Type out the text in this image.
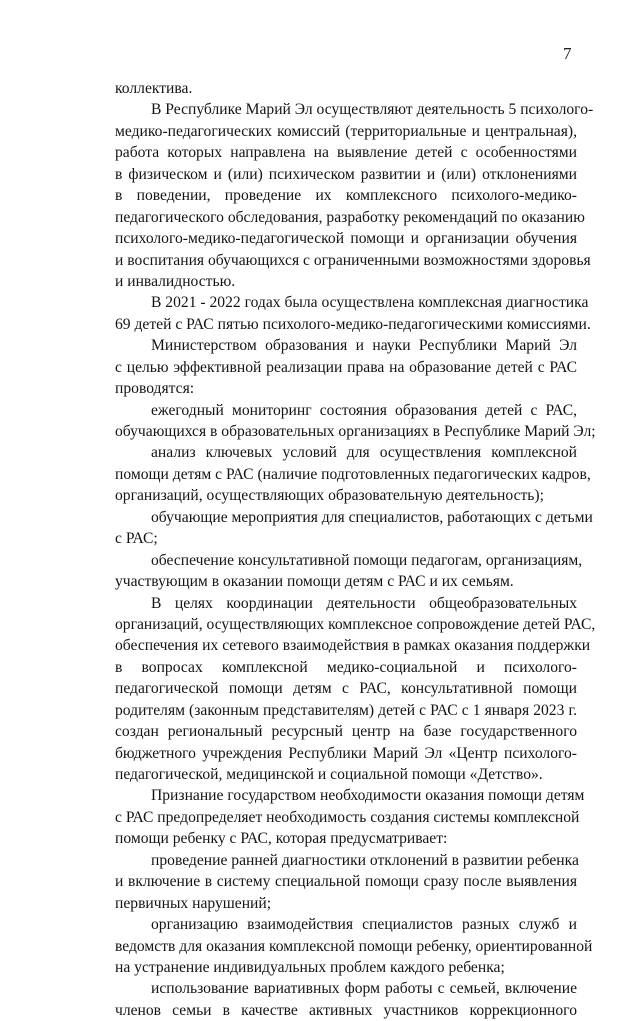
7
коллектива.
В Республике Марий Эл осуществляют деятельность 5 психолого-
медико-педагогических комиссий (территориальные и центральная),
работа которых направлена на выявление детей с особенностями
в физическом и (или) психическом развитии и (или) отклонениями
в поведении, проведение их комплексного психолого-медико-
педагогического обследования, разработку рекомендаций по оказанию
психолого-медико-педагогической помощи и организации обучения
и воспитания обучающихся с ограниченными возможностями здоровья
и инвалидностью.
В 2021 - 2022 годах была осуществлена комплексная диагностика
69 детей с РАС пятью психолого-медико-педагогическими комиссиями.
Министерством образования и науки Республики Марий Эл
с целью эффективной реализации права на образование детей с РАС
проводятся:
ежегодный мониторинг состояния образования детей с РАС,
обучающихся в образовательных организациях в Республике Марий Эл;
анализ ключевых условий для осуществления комплексной
помощи детям с РАС (наличие подготовленных педагогических кадров,
организаций, осуществляющих образовательную деятельность);
обучающие мероприятия для специалистов, работающих с детьми
с РАС;
обеспечение консультативной помощи педагогам, организациям,
участвующим в оказании помощи детям с РАС и их семьям.
В целях координации деятельности общеобразовательных
организаций, осуществляющих комплексное сопровождение детей РАС,
обеспечения их сетевого взаимодействия в рамках оказания поддержки
в вопросах комплексной медико-социальной и психолого-
педагогической помощи детям с РАС, консультативной помощи
родителям (законным представителям) детей с РАС с 1 января 2023 г.
создан региональный ресурсный центр на базе государственного
бюджетного учреждения Республики Марий Эл «Центр психолого-
педагогической, медицинской и социальной помощи «Детство».
Признание государством необходимости оказания помощи детям
с РАС предопределяет необходимость создания системы комплексной
помощи ребенку с РАС, которая предусматривает:
проведение ранней диагностики отклонений в развитии ребенка
и включение в систему специальной помощи сразу после выявления
первичных нарушений;
организацию взаимодействия специалистов разных служб и
ведомств для оказания комплексной помощи ребенку, ориентированной
на устранение индивидуальных проблем каждого ребенка;
использование вариативных форм работы с семьей, включение
членов семьи в качестве активных участников коррекционного
